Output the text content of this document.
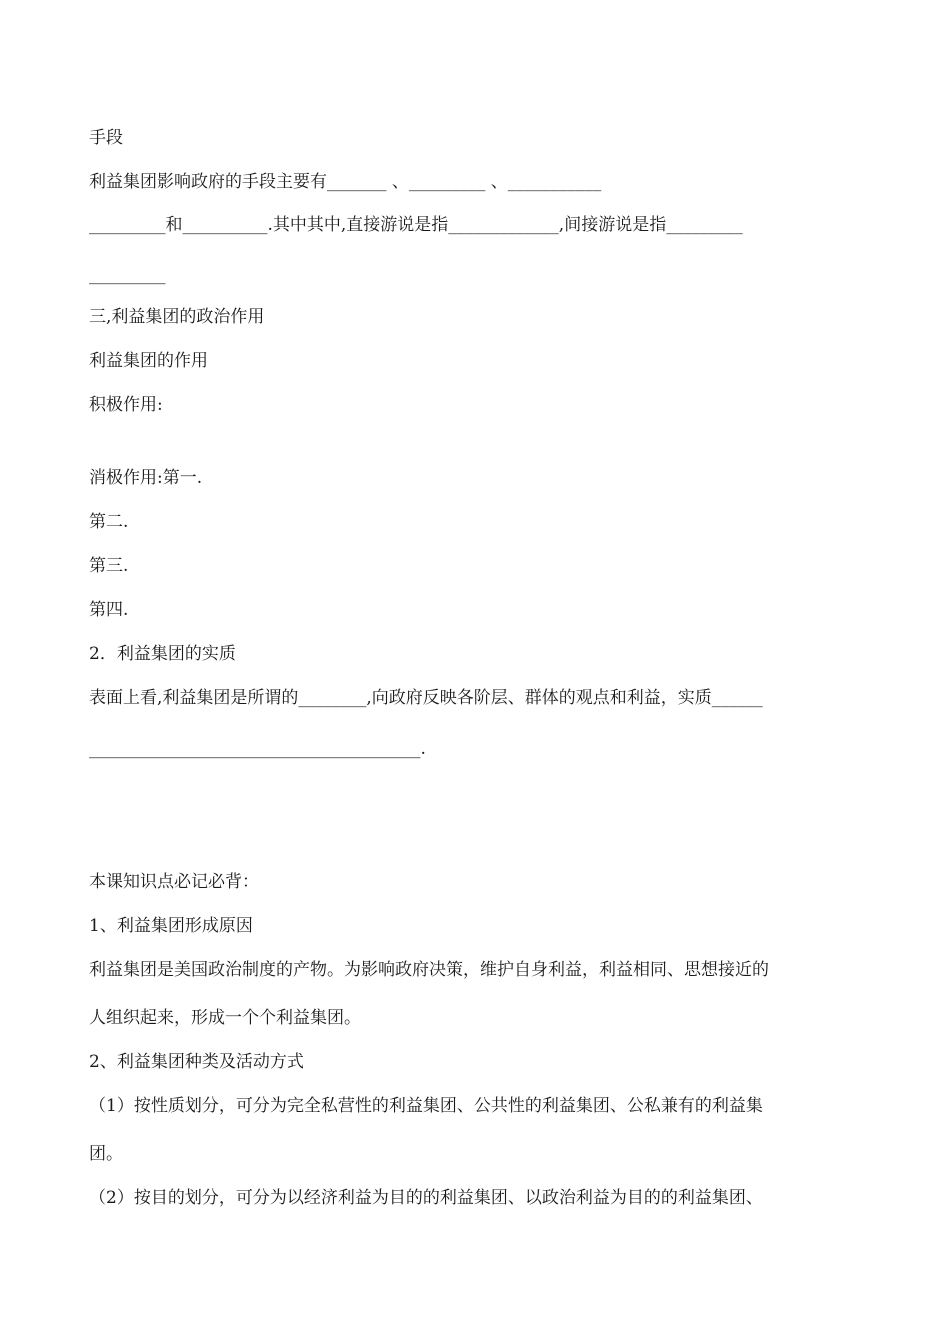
手段
利益集团影响政府的手段主要有_______ 、_________ 、___________
_________和__________.其中其中,直接游说是指_____________,间接游说是指_________
_________
三,利益集团的政治作用
利益集团的作用
积极作用:
消极作用:第一.
第二.
第三.
第四.
2．利益集团的实质
表面上看,利益集团是所谓的________,向政府反映各阶层、群体的观点和利益，实质______
_______________________________________.
本课知识点必记必背：
1、利益集团形成原因
利益集团是美国政治制度的产物。为影响政府决策，维护自身利益，利益相同、思想接近的
人组织起来，形成一个个利益集团。
2、利益集团种类及活动方式
（1）按性质划分，可分为完全私营性的利益集团、公共性的利益集团、公私兼有的利益集
团。
（2）按目的划分，可分为以经济利益为目的的利益集团、以政治利益为目的的利益集团、
